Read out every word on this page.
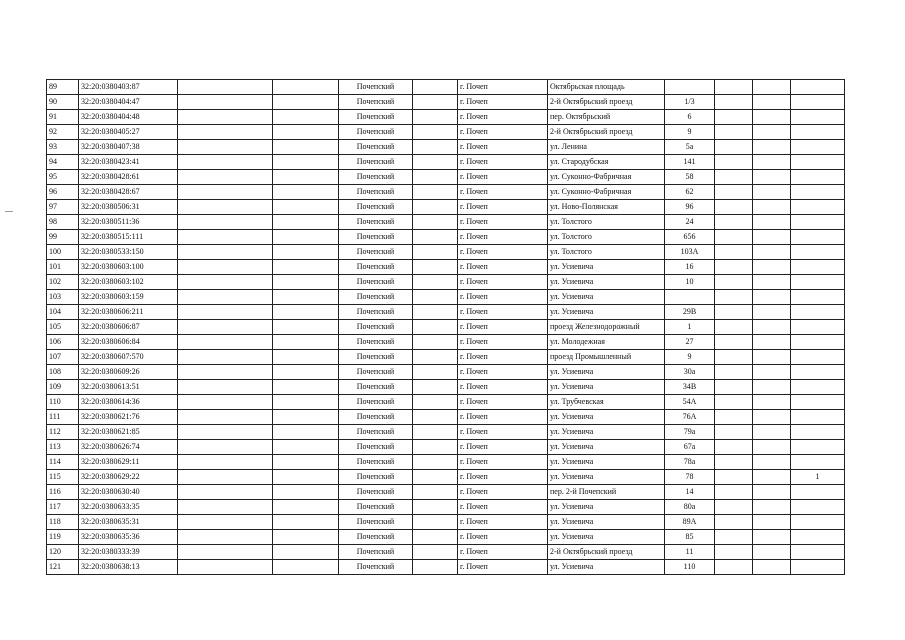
89	32:20:0380403:87			Почепский		г. Почеп	Октябрьская площадь				
90	32:20:0380404:47			Почепский		г. Почеп	2-й Октябрьский проезд	1/3			
91	32:20:0380404:48			Почепский		г. Почеп	пер. Октябрьский	6			
92	32:20:0380405:27			Почепский		г. Почеп	2-й Октябрьский проезд	9			
93	32:20:0380407:38			Почепский		г. Почеп	ул. Ленина	5а			
94	32:20:0380423:41			Почепский		г. Почеп	ул. Стародубская	141			
95	32:20:0380428:61			Почепский		г. Почеп	ул. Суконно-Фабричная	58			
96	32:20:0380428:67			Почепский		г. Почеп	ул. Суконно-Фабричная	62			
97	32:20:0380506:31			Почепский		г. Почеп	ул. Ново-Полянская	96			
98	32:20:0380511:36			Почепский		г. Почеп	ул. Толстого	24			
99	32:20:0380515:111			Почепский		г. Почеп	ул. Толстого	656			
100	32:20:0380533:150			Почепский		г. Почеп	ул. Толстого	103А			
101	32:20:0380603:100			Почепский		г. Почеп	ул. Усиевича	16			
102	32:20:0380603:102			Почепский		г. Почеп	ул. Усиевича	10			
103	32:20:0380603:159			Почепский		г. Почеп	ул. Усиевича				
104	32:20:0380606:211			Почепский		г. Почеп	ул. Усиевича	29В			
105	32:20:0380606:87			Почепский		г. Почеп	проезд Железнодорожный	1			
106	32:20:0380606:84			Почепский		г. Почеп	ул. Молодежная	27			
107	32:20:0380607:570			Почепский		г. Почеп	проезд Промышленный	9			
108	32:20:0380609:26			Почепский		г. Почеп	ул. Усиевича	30а			
109	32:20:0380613:51			Почепский		г. Почеп	ул. Усиевича	34В			
110	32:20:0380614:36			Почепский		г. Почеп	ул. Трубчевская	54А			
111	32:20:0380621:76			Почепский		г. Почеп	ул. Усиевича	76А			
112	32:20:0380621:85			Почепский		г. Почеп	ул. Усиевича	79а			
113	32:20:0380626:74			Почепский		г. Почеп	ул. Усиевича	67а			
114	32:20:0380629:11			Почепский		г. Почеп	ул. Усиевича	78а			
115	32:20:0380629:22			Почепский		г. Почеп	ул. Усиевича	78			1
116	32:20:0380630:40			Почепский		г. Почеп	пер. 2-й Почепский	14			
117	32:20:0380633:35			Почепский		г. Почеп	ул. Усиевича	80а			
118	32:20:0380635:31			Почепский		г. Почеп	ул. Усиевича	89А			
119	32:20:0380635:36			Почепский		г. Почеп	ул. Усиевича	85			
120	32:20:0380333:39			Почепский		г. Почеп	2-й Октябрьский проезд	11			
121	32:20:0380638:13			Почепский		г. Почеп	ул. Усиевича	110			
